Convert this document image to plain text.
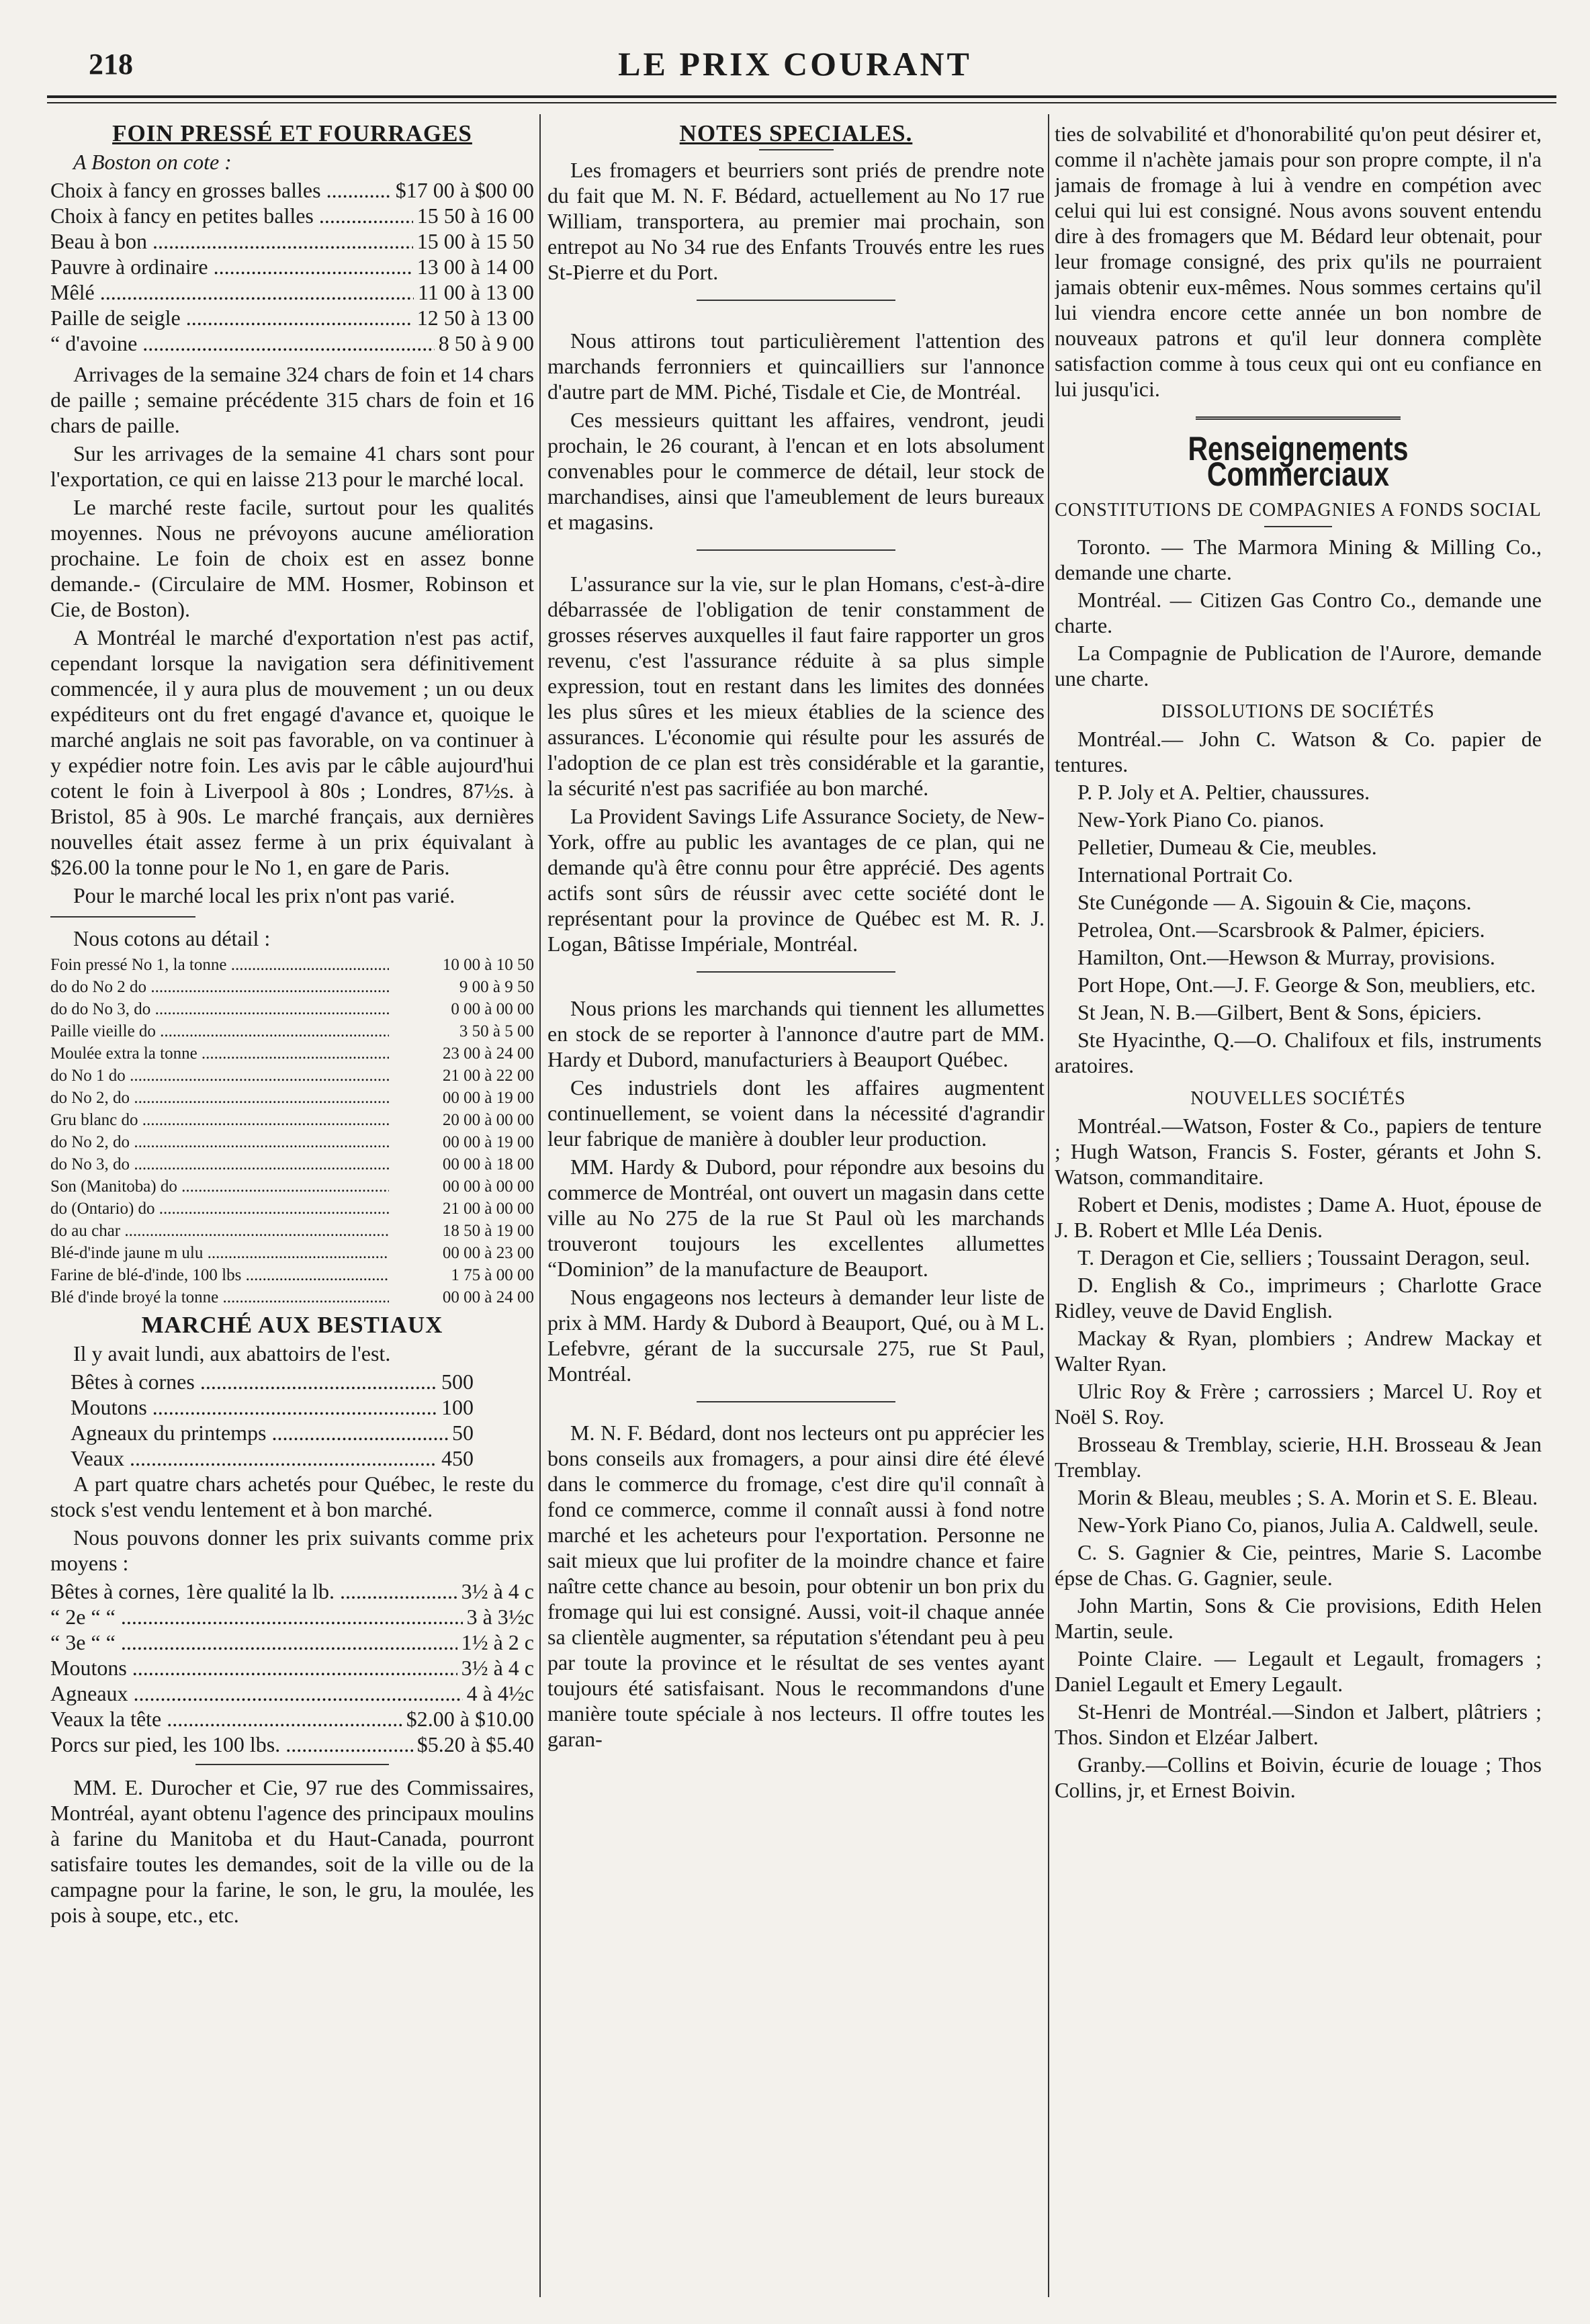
218	LE PRIX COURANT
FOIN PRESSÉ ET FOURRAGES

A Boston on cote :

Choix à fancy en grosses balles .....	$17 00 à $00 00
Choix à fancy en petites balles .....	15 50 à 16 00
Beau à bon .....	15 00 à 15 50
Pauvre à ordinaire .....	13 00 à 14 00
Mêlé .....	11 00 à 13 00
Paille de seigle .....	12 50 à 13 00
“ d'avoine .....	8 50 à 9 00

Arrivages de la semaine 324 chars de foin et 14 chars de paille ; semaine précédente 315 chars de foin et 16 chars de paille.

Sur les arrivages de la semaine 41 chars sont pour l'exportation, ce qui en laisse 213 pour le marché local.

Le marché reste facile, surtout pour les qualités moyennes. Nous ne prévoyons aucune amélioration prochaine. Le foin de choix est en assez bonne demande.- (Circulaire de MM. Hosmer, Robinson et Cie, de Boston).

A Montréal le marché d'exportation n'est pas actif, cependant lorsque la navigation sera définitivement commencée, il y aura plus de mouvement ; un ou deux expéditeurs ont du fret engagé d'avance et, quoique le marché anglais ne soit pas favorable, on va continuer à y expédier notre foin. Les avis par le câble aujourd'hui cotent le foin à Liverpool à 80s ; Londres, 87½s. à Bristol, 85 à 90s. Le marché français, aux dernières nouvelles était assez ferme à un prix équivalant à $26.00 la tonne pour le No 1, en gare de Paris.

Pour le marché local les prix n'ont pas varié.

Nous cotons au détail :

Foin pressé No 1, la tonne .....	10 00 à 10 50
do do No 2 do .....	9 00 à 9 50
do do No 3, do .....	0 00 à 00 00
Paille vieille do .....	3 50 à 5 00
Moulée extra la tonne .....	23 00 à 24 00
do No 1 do .....	21 00 à 22 00
do No 2, do .....	00 00 à 19 00
Gru blanc do .....	20 00 à 00 00
do No 2, do .....	00 00 à 19 00
do No 3, do .....	00 00 à 18 00
Son (Manitoba) do .....	00 00 à 00 00
do (Ontario) do .....	21 00 à 00 00
do au char .....	18 50 à 19 00
Blé-d'inde jaune m ulu .....	00 00 à 23 00
Farine de blé-d'inde, 100 lbs .....	1 75 à 00 00
Blé d'inde broyé la tonne .....	00 00 à 24 00
MARCHÉ AUX BESTIAUX

Il y avait lundi, aux abattoirs de l'est.

Bêtes à cornes .....	500
Moutons .....	100
Agneaux du printemps .....	50
Veaux .....	450

A part quatre chars achetés pour Québec, le reste du stock s'est vendu lentement et à bon marché.

Nous pouvons donner les prix suivants comme prix moyens :

Bêtes à cornes, 1ère qualité la lb. .....	3½ à 4 c
“ 2e “ “ .....	3 à 3½c
“ 3e “ “ .....	1½ à 2 c
Moutons .....	3½ à 4 c
Agneaux .....	4 à 4½c
Veaux la tête .....	$2.00 à $10.00
Porcs sur pied, les 100 lbs. .....	$5.20 à $5.40

MM. E. Durocher et Cie, 97 rue des Commissaires, Montréal, ayant obtenu l'agence des principaux moulins à farine du Manitoba et du Haut-Canada, pourront satisfaire toutes les demandes, soit de la ville ou de la campagne pour la farine, le son, le gru, la moulée, les pois à soupe, etc., etc.

NOTES SPECIALES.

Les fromagers et beurriers sont priés de prendre note du fait que M. N. F. Bédard, actuellement au No 17 rue William, transportera, au premier mai prochain, son entrepot au No 34 rue des Enfants Trouvés entre les rues St-Pierre et du Port.

Nous attirons tout particulièrement l'attention des marchands ferronniers et quincailliers sur l'annonce d'autre part de MM. Piché, Tisdale et Cie, de Montréal.

Ces messieurs quittant les affaires, vendront, jeudi prochain, le 26 courant, à l'encan et en lots absolument convenables pour le commerce de détail, leur stock de marchandises, ainsi que l'ameublement de leurs bureaux et magasins.

L'assurance sur la vie, sur le plan Homans, c'est-à-dire débarrassée de l'obligation de tenir constamment de grosses réserves auxquelles il faut faire rapporter un gros revenu, c'est l'assurance réduite à sa plus simple expression, tout en restant dans les limites des données les plus sûres et les mieux établies de la science des assurances. L'économie qui résulte pour les assurés de l'adoption de ce plan est très considérable et la garantie, la sécurité n'est pas sacrifiée au bon marché.

La Provident Savings Life Assurance Society, de New-York, offre au public les avantages de ce plan, qui ne demande qu'à être connu pour être apprécié. Des agents actifs sont sûrs de réussir avec cette société dont le représentant pour la province de Québec est M. R. J. Logan, Bâtisse Impériale, Montréal.

Nous prions les marchands qui tiennent les allumettes en stock de se reporter à l'annonce d'autre part de MM. Hardy et Dubord, manufacturiers à Beauport Québec.

Ces industriels dont les affaires augmentent continuellement, se voient dans la nécessité d'agrandir leur fabrique de manière à doubler leur production.

MM. Hardy & Dubord, pour répondre aux besoins du commerce de Montréal, ont ouvert un magasin dans cette ville au No 275 de la rue St Paul où les marchands trouveront toujours les excellentes allumettes “Dominion” de la manufacture de Beauport.

Nous engageons nos lecteurs à demander leur liste de prix à MM. Hardy & Dubord à Beauport, Qué, ou à M L. Lefebvre, gérant de la succursale 275, rue St Paul, Montréal.

M. N. F. Bédard, dont nos lecteurs ont pu apprécier les bons conseils aux fromagers, a pour ainsi dire été élevé dans le commerce du fromage, c'est dire qu'il connaît à fond ce commerce, comme il connaît aussi à fond notre marché et les acheteurs pour l'exportation. Personne ne sait mieux que lui profiter de la moindre chance et faire naître cette chance au besoin, pour obtenir un bon prix du fromage qui lui est consigné. Aussi, voit-il chaque année sa clientèle augmenter, sa réputation s'étendant peu à peu par toute la province et le résultat de ses ventes ayant toujours été satisfaisant. Nous le recommandons d'une manière toute spéciale à nos lecteurs. Il offre toutes les garan-

ties de solvabilité et d'honorabilité qu'on peut désirer et, comme il n'achète jamais pour son propre compte, il n'a jamais de fromage à lui à vendre en compétion avec celui qui lui est consigné. Nous avons souvent entendu dire à des fromagers que M. Bédard leur obtenait, pour leur fromage consigné, des prix qu'ils ne pourraient jamais obtenir eux-mêmes. Nous sommes certains qu'il lui viendra encore cette année un bon nombre de nouveaux patrons et qu'il leur donnera complète satisfaction comme à tous ceux qui ont eu confiance en lui jusqu'ici.

Renseignements Commerciaux
CONSTITUTIONS DE COMPAGNIES A FONDS SOCIAL

Toronto. — The Marmora Mining & Milling Co., demande une charte.

Montréal. — Citizen Gas Contro Co., demande une charte.

La Compagnie de Publication de l'Aurore, demande une charte.

DISSOLUTIONS DE SOCIÉTÉS

Montréal.— John C. Watson & Co. papier de tentures.

P. P. Joly et A. Peltier, chaussures.

New-York Piano Co. pianos.

Pelletier, Dumeau & Cie, meubles.

International Portrait Co.

Ste Cunégonde — A. Sigouin & Cie, maçons.

Petrolea, Ont.—Scarsbrook & Palmer, épiciers.

Hamilton, Ont.—Hewson & Murray, provisions.

Port Hope, Ont.—J. F. George & Son, meubliers, etc.

St Jean, N. B.—Gilbert, Bent & Sons, épiciers.

Ste Hyacinthe, Q.—O. Chalifoux et fils, instruments aratoires.

NOUVELLES SOCIÉTÉS

Montréal.—Watson, Foster & Co., papiers de tenture ; Hugh Watson, Francis S. Foster, gérants et John S. Watson, commanditaire.

Robert et Denis, modistes ; Dame A. Huot, épouse de J. B. Robert et Mlle Léa Denis.

T. Deragon et Cie, selliers ; Toussaint Deragon, seul.

D. English & Co., imprimeurs ; Charlotte Grace Ridley, veuve de David English.

Mackay & Ryan, plombiers ; Andrew Mackay et Walter Ryan.

Ulric Roy & Frère ; carrossiers ; Marcel U. Roy et Noël S. Roy.

Brosseau & Tremblay, scierie, H.H. Brosseau & Jean Tremblay.

Morin & Bleau, meubles ; S. A. Morin et S. E. Bleau.

New-York Piano Co, pianos, Julia A. Caldwell, seule.

C. S. Gagnier & Cie, peintres, Marie S. Lacombe épse de Chas. G. Gagnier, seule.

John Martin, Sons & Cie provisions, Edith Helen Martin, seule.

Pointe Claire. — Legault et Legault, fromagers ; Daniel Legault et Emery Legault.

St-Henri de Montréal.—Sindon et Jalbert, plâtriers ; Thos. Sindon et Elzéar Jalbert.

Granby.—Collins et Boivin, écurie de louage ; Thos Collins, jr, et Ernest Boivin.
